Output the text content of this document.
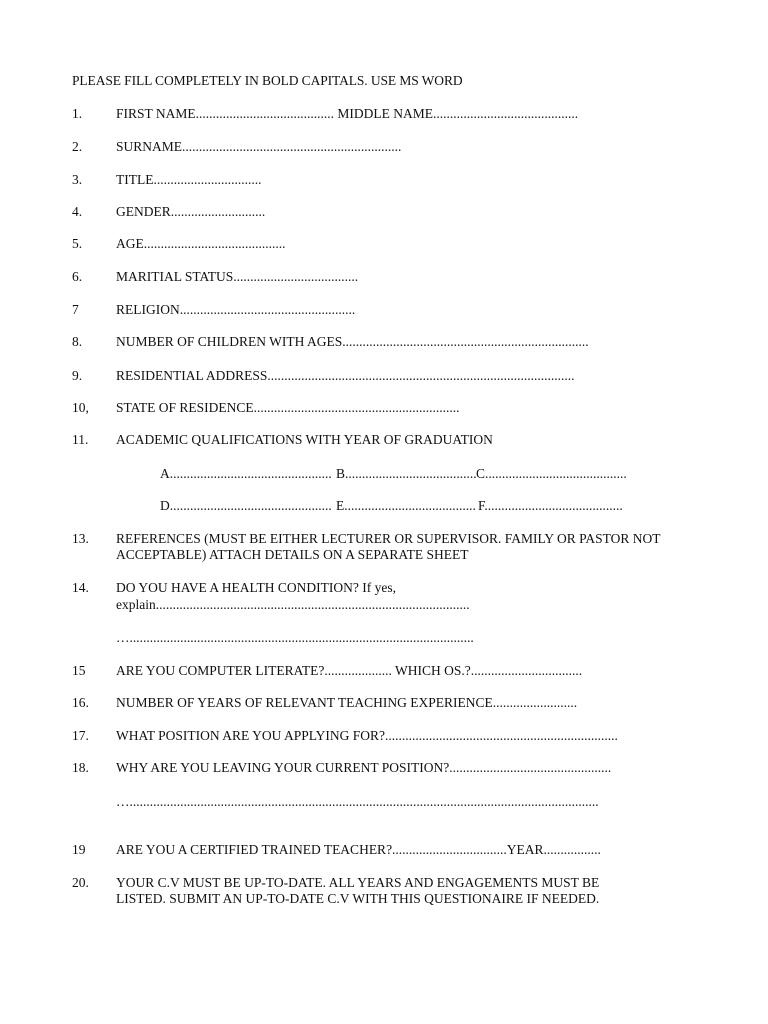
PLEASE FILL COMPLETELY IN BOLD CAPITALS. USE MS WORD
1.	FIRST NAME......................................... MIDDLE NAME...........................................
2.	SURNAME.................................................................
3.	TITLE................................
4.	GENDER............................
5.	AGE..........................................
6.	MARITIAL STATUS.....................................
7	RELIGION....................................................
8.	NUMBER OF CHILDREN WITH AGES.........................................................................
9.	RESIDENTIAL ADDRESS...........................................................................................
10, STATE OF RESIDENCE.............................................................
11. ACADEMIC QUALIFICATIONS WITH YEAR OF GRADUATION
A................................................ B....................................... C..........................................
D................................................ E....................................... F.........................................
13. REFERENCES (MUST BE EITHER LECTURER OR SUPERVISOR. FAMILY OR PASTOR NOT
ACCEPTABLE) ATTACH DETAILS ON A SEPARATE SHEET
14. DO YOU HAVE A HEALTH CONDITION? If yes,
explain.............................................................................................
…......................................................................................................
15 ARE YOU COMPUTER LITERATE?.................... WHICH OS.?.................................
16. NUMBER OF YEARS OF RELEVANT TEACHING EXPERIENCE.........................
17. WHAT POSITION ARE YOU APPLYING FOR?.....................................................................
18. WHY ARE YOU LEAVING YOUR CURRENT POSITION?................................................
…...........................................................................................................................................
19 ARE YOU A CERTIFIED TRAINED TEACHER?..................................YEAR.................
20. YOUR C.V MUST BE UP-TO-DATE. ALL YEARS AND ENGAGEMENTS MUST BE
LISTED. SUBMIT AN UP-TO-DATE C.V WITH THIS QUESTIONAIRE IF NEEDED.
